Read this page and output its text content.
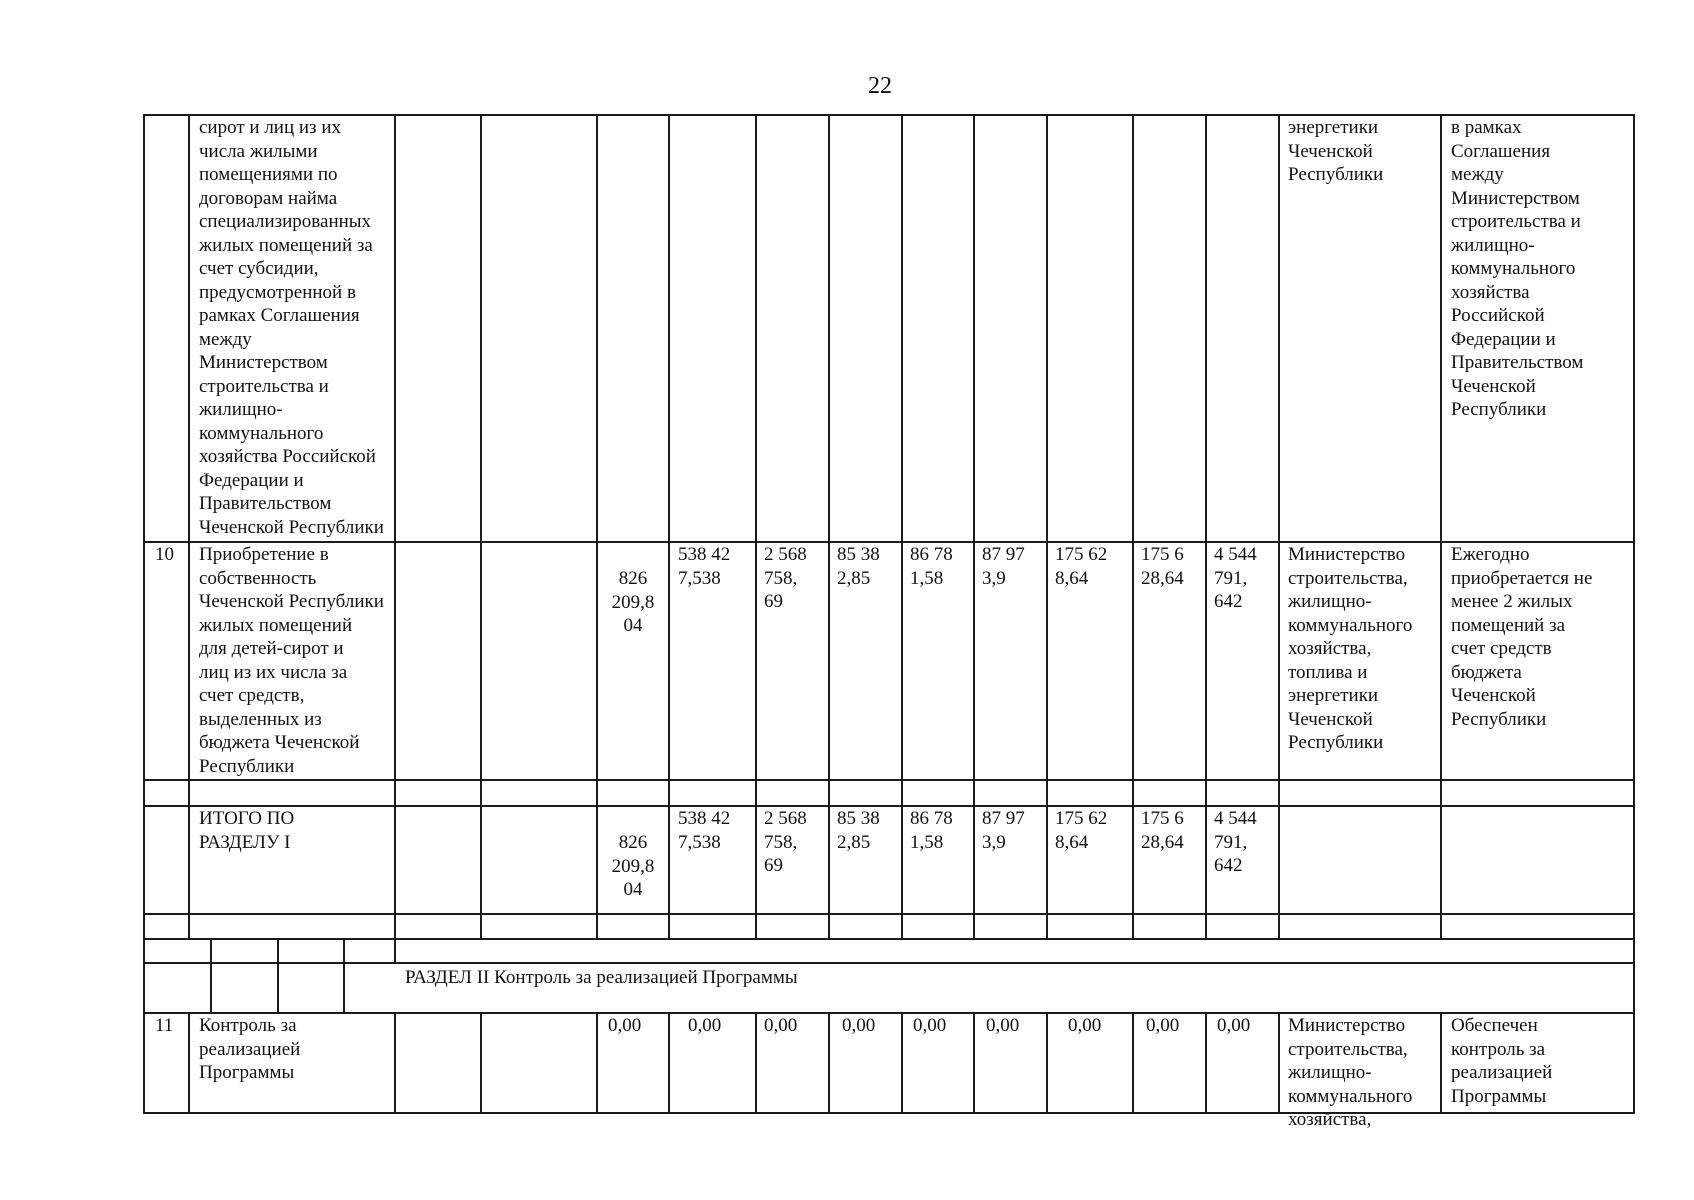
22
сирот и лиц из их
числа жилыми
помещениями по
договорам найма
специализированных
жилых помещений за
счет субсидии,
предусмотренной в
рамках Соглашения
между
Министерством
строительства и
жилищно-
коммунального
хозяйства Российской
Федерации и
Правительством
Чеченской Республики
энергетики
Чеченской
Республики
в рамках
Соглашения
между
Министерством
строительства и
жилищно-
коммунального
хозяйства
Российской
Федерации и
Правительством
Чеченской
Республики
10 Приобретение в
собственность
Чеченской Республики
жилых помещений
для детей-сирот и
лиц из их числа за
счет средств,
выделенных из
бюджета Чеченской
Республики
826
209,8
04
538 42
7,538
2 568
758,
69
85 38
2,85
86 78
1,58
87 97
3,9
175 62
8,64
175 6
28,64
4 544
791,
642
Министерство
строительства,
жилищно-
коммунального
хозяйства,
топлива и
энергетики
Чеченской
Республики
Ежегодно
приобретается не
менее 2 жилых
помещений за
счет средств
бюджета
Чеченской
Республики
ИТОГО ПО
РАЗДЕЛУ I	826
209,8
04
538 42
7,538
2 568
758,
69
85 38
2,85
86 78
1,58
87 97
3,9
175 62
8,64
175 6
28,64
4 544
791,
642
РАЗДЕЛ II Контроль за реализацией Программы
11 Контроль за
реализацией
Программы
0,00 0,00 0,00 0,00 0,00 0,00	0,00 0,00 0,00 Министерство
строительства,
жилищно-
коммунального
хозяйства,
Обеспечен
контроль за
реализацией
Программы
